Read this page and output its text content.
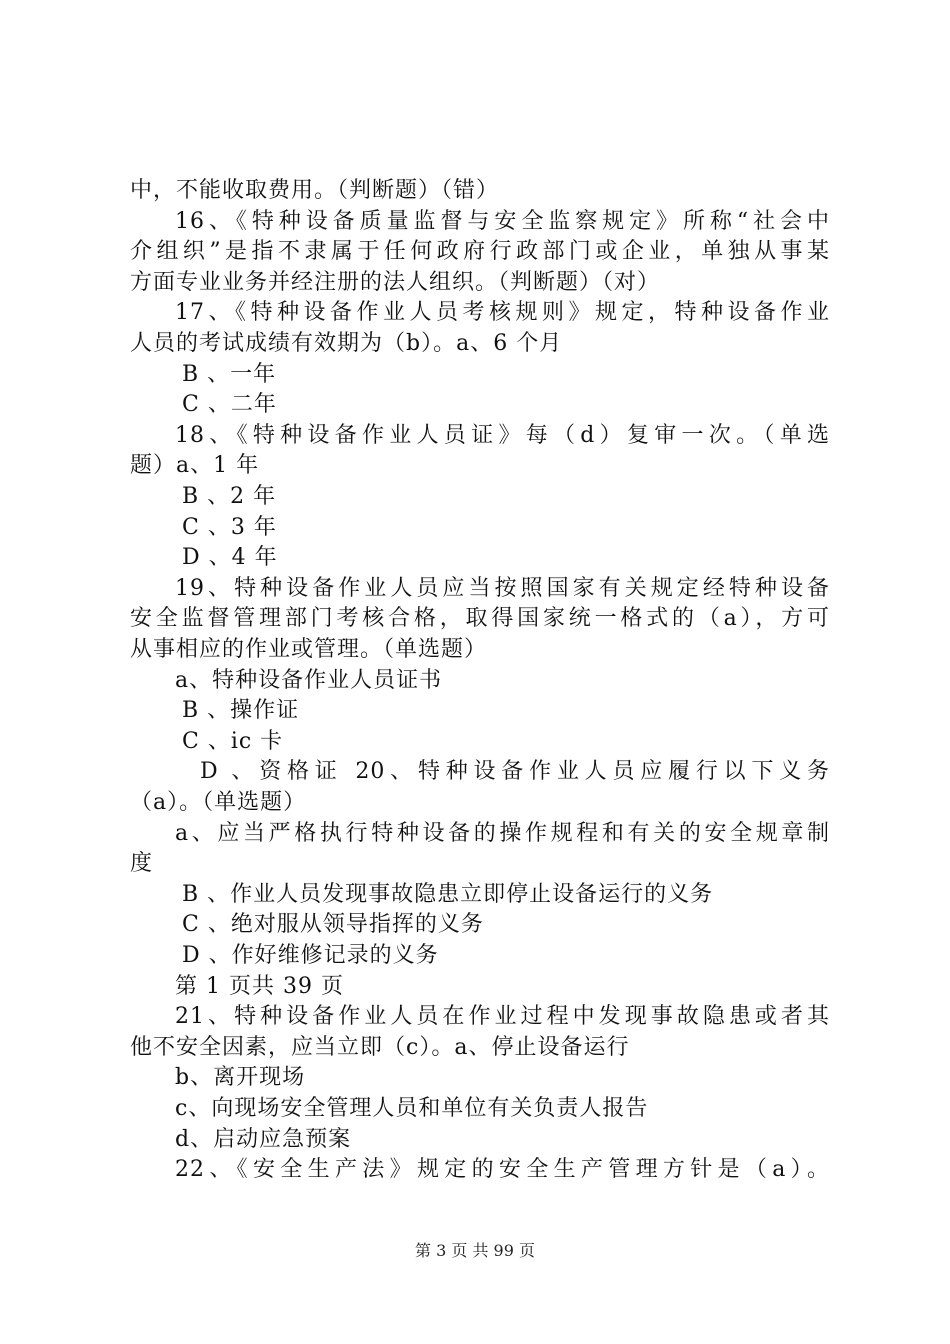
中，不能收取费用。（判断题）（错）
16、《特种设备质量监督与安全监察规定》所称“社会中
介组织”是指不隶属于任何政府行政部门或企业，单独从事某
方面专业业务并经注册的法人组织。（判断题）（对）
17、《特种设备作业人员考核规则》规定，特种设备作业
人员的考试成绩有效期为（b）。a、6 个月
B 、一年
C 、二年
18、《特种设备作业人员证》每（d）复审一次。（单选
题）a、1 年
B 、2 年
C 、3 年
D 、4 年
19、特种设备作业人员应当按照国家有关规定经特种设备
安全监督管理部门考核合格，取得国家统一格式的（a），方可
从事相应的作业或管理。（单选题）
a、特种设备作业人员证书
B 、操作证
C 、ic 卡
D 、资格证 20、特种设备作业人员应履行以下义务
（a）。（单选题）
a、应当严格执行特种设备的操作规程和有关的安全规章制
度
B 、作业人员发现事故隐患立即停止设备运行的义务
C 、绝对服从领导指挥的义务
D 、作好维修记录的义务
第 1 页共 39 页
21、特种设备作业人员在作业过程中发现事故隐患或者其
他不安全因素，应当立即（c）。a、停止设备运行
b、离开现场
c、向现场安全管理人员和单位有关负责人报告
d、启动应急预案
22、《安全生产法》规定的安全生产管理方针是（a）。
第 3 页 共 99 页
